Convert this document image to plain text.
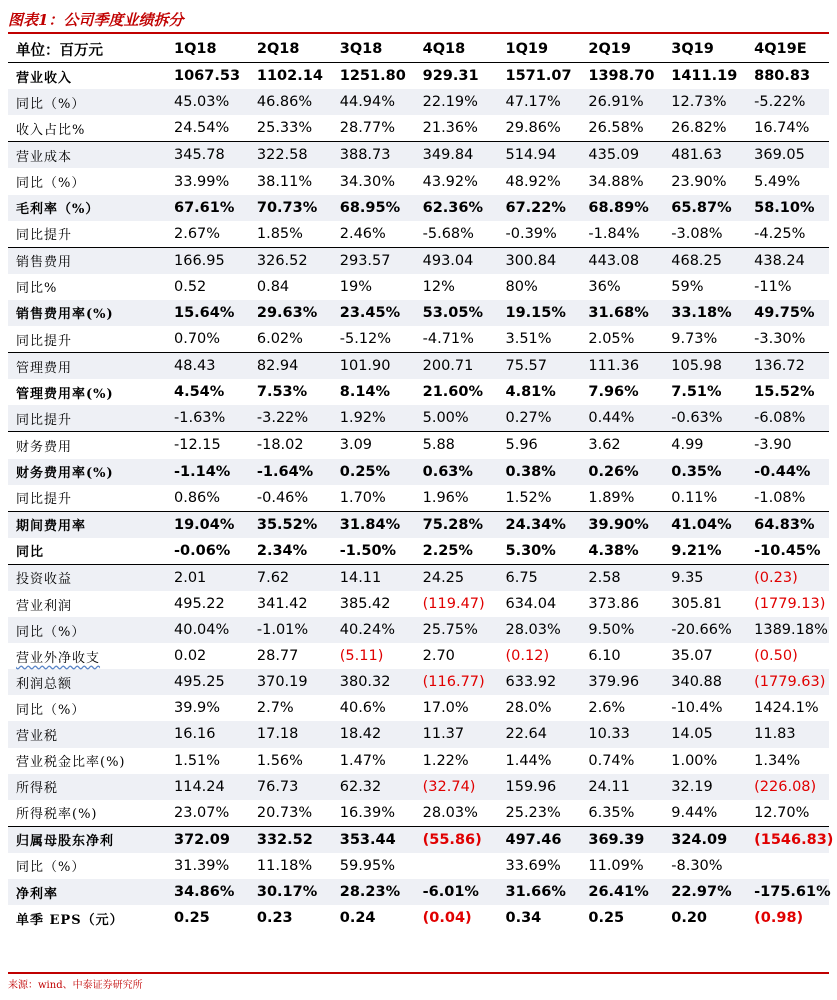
图表1：公司季度业绩拆分
单位：百万元	1Q18	2Q18	3Q18	4Q18	1Q19	2Q19	3Q19	4Q19E
营业收入	1067.53	1102.14	1251.80	929.31	1571.07	1398.70	1411.19	880.83
同比（%）	45.03%	46.86%	44.94%	22.19%	47.17%	26.91%	12.73%	-5.22%
收入占比%	24.54%	25.33%	28.77%	21.36%	29.86%	26.58%	26.82%	16.74%
营业成本	345.78	322.58	388.73	349.84	514.94	435.09	481.63	369.05
同比（%）	33.99%	38.11%	34.30%	43.92%	48.92%	34.88%	23.90%	5.49%
毛利率（%）	67.61%	70.73%	68.95%	62.36%	67.22%	68.89%	65.87%	58.10%
同比提升	2.67%	1.85%	2.46%	-5.68%	-0.39%	-1.84%	-3.08%	-4.25%
销售费用	166.95	326.52	293.57	493.04	300.84	443.08	468.25	438.24
同比%	0.52	0.84	19%	12%	80%	36%	59%	-11%
销售费用率(%)	15.64%	29.63%	23.45%	53.05%	19.15%	31.68%	33.18%	49.75%
同比提升	0.70%	6.02%	-5.12%	-4.71%	3.51%	2.05%	9.73%	-3.30%
管理费用	48.43	82.94	101.90	200.71	75.57	111.36	105.98	136.72
管理费用率(%)	4.54%	7.53%	8.14%	21.60%	4.81%	7.96%	7.51%	15.52%
同比提升	-1.63%	-3.22%	1.92%	5.00%	0.27%	0.44%	-0.63%	-6.08%
财务费用	-12.15	-18.02	3.09	5.88	5.96	3.62	4.99	-3.90
财务费用率(%)	-1.14%	-1.64%	0.25%	0.63%	0.38%	0.26%	0.35%	-0.44%
同比提升	0.86%	-0.46%	1.70%	1.96%	1.52%	1.89%	0.11%	-1.08%
期间费用率	19.04%	35.52%	31.84%	75.28%	24.34%	39.90%	41.04%	64.83%
同比	-0.06%	2.34%	-1.50%	2.25%	5.30%	4.38%	9.21%	-10.45%
投资收益	2.01	7.62	14.11	24.25	6.75	2.58	9.35	(0.23)
营业利润	495.22	341.42	385.42	(119.47)	634.04	373.86	305.81	(1779.13)
同比（%）	40.04%	-1.01%	40.24%	25.75%	28.03%	9.50%	-20.66%	1389.18%
营业外净收支	0.02	28.77	(5.11)	2.70	(0.12)	6.10	35.07	(0.50)
利润总额	495.25	370.19	380.32	(116.77)	633.92	379.96	340.88	(1779.63)
同比（%）	39.9%	2.7%	40.6%	17.0%	28.0%	2.6%	-10.4%	1424.1%
营业税	16.16	17.18	18.42	11.37	22.64	10.33	14.05	11.83
营业税金比率(%)	1.51%	1.56%	1.47%	1.22%	1.44%	0.74%	1.00%	1.34%
所得税	114.24	76.73	62.32	(32.74)	159.96	24.11	32.19	(226.08)
所得税率(%)	23.07%	20.73%	16.39%	28.03%	25.23%	6.35%	9.44%	12.70%
归属母股东净利	372.09	332.52	353.44	(55.86)	497.46	369.39	324.09	(1546.83)
同比（%）	31.39%	11.18%	59.95%		33.69%	11.09%	-8.30%	
净利率	34.86%	30.17%	28.23%	-6.01%	31.66%	26.41%	22.97%	-175.61%
单季 EPS（元）	0.25	0.23	0.24	(0.04)	0.34	0.25	0.20	(0.98)
来源：wind、中泰证券研究所
